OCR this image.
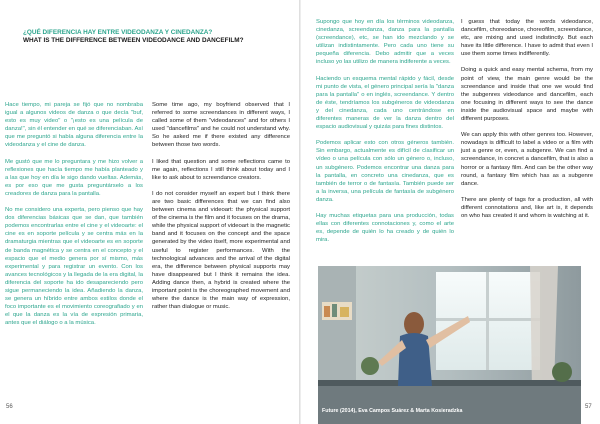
¿QUÉ DIFERENCIA HAY ENTRE VIDEODANZA Y CINEDANZA?
WHAT IS THE DIFFERENCE BETWEEN VIDEODANCE AND DANCEFILM?

Hace tiempo, mi pareja se fijó que no nombraba igual a algunos videos de danza o que decía "buf, esto es muy video" o "¡esto es una película de danza!", sin él entender en qué se diferenciaban. Así que me preguntó si había alguna diferencia entre la videodanza y el cine de danza.

Me gustó que me lo preguntara y me hizo volver a reflexiones que hacía tiempo me había planteado y a las que hoy en día le sigo dando vueltas. Además, es por eso que me gusta preguntárselo a los creadores de danza para la pantalla.

No me considero una experta, pero pienso que hay dos diferencias básicas que se dan, que también podemos encontrarlas entre el cine y el videoarte: el cine es en soporte película y se centra más en la dramaturgia mientras que el videoarte es en soporte de banda magnética y se centra en el concepto y el espacio que el medio genera por sí mismo, más experimental y para registrar un evento. Con los avances tecnológicos y la llegada de la era digital, la diferencia del soporte ha ido desapareciendo pero sigue permaneciendo la idea. Añadiendo la danza, se genera un híbrido entre ambos estilos donde el foco importante es el movimiento coreografiado y en el que la danza es la vía de expresión primaria, antes que el diálogo o a la música.

Some time ago, my boyfriend observed that I referred to some screendances in different ways, I called some of them "videodances" and for others I used "dancefilms" and he could not understand why. So he asked me if there existed any difference between those two words.

I liked that question and some reflections came to me again, reflections I still think about today and I like to ask about to screendance creators.

I do not consider myself an expert but I think there are two basic differences that we can find also between cinema and videoart: the physical support of the cinema is the film and it focuses on the drama, while the physical support of videoart is the magnetic band and it focuses on the concept and the space generated by the video itself, more experimental and useful to register performances. With the technological advances and the arrival of the digital era, the difference between physical supports may have disappeared but I think it remains the idea. Adding dance then, a hybrid is created where the important point is the choreographed movement and where the dance is the main way of expression, rather than dialogue or music.

Supongo que hoy en día los términos videodanza, cinedanza, screendanza, danza para la pantalla (screendance), etc, se han ido mezclando y se utilizan indistintamente. Pero cada uno tiene su pequeña diferencia. Debo admitir que a veces incluso yo las utilizo de manera indiferente a veces.

Haciendo un esquema mental rápido y fácil, desde mi punto de vista, el género principal sería la "danza para la pantalla" o en inglés, screendance. Y dentro de éste, tendríamos los subgéneros de videodanza y del cinedanza, cada uno centrándose en diferentes maneras de ver la danza dentro del espacio audiovisual y quizás para fines distintos.

Podemos aplicar esto con otros géneros también. Sin embargo, actualmente es difícil de clasificar un vídeo o una película con sólo un género o, incluso, un subgénero. Podemos encontrar una danza para la pantalla, en concreto una cinedanza, que es también de terror o de fantasía. También puede ser a la inversa, una película de fantasía de subgénero danza.

Hay muchas etiquetas para una producción, todas ellas con diferentes connotaciones y, como el arte es, depende de quién lo ha creado y de quién lo mira.

I guess that today the words videodance, dancefilm, choreodance, choreofilm, screendance, etc, are mixing and used indistinctly. But each have its little difference. I have to admit that even I use them some times indifferently.

Doing a quick and easy mental schema, from my point of view, the main genre would be the screendance and inside that one we would find the subgenres videodance and dancefilm, each one focusing in different ways to see the dance inside the audiovisual space and maybe with different purposes.

We can apply this with other genres too. However, nowadays is difficult to label a video or a film with just a genre or, even, a subgenre. We can find a screendance, in concret a dancefilm, that is also a horror or a fantasy film. And can be the other way round, a fantasy film which has as a subgenre dance.

There are plenty of tags for a production, all with different connotations and, like art is, it depends on who has created it and whom is watching at it.

Future (2014), Eva Campos Suárez & Marta Kosieradzka
56	57
